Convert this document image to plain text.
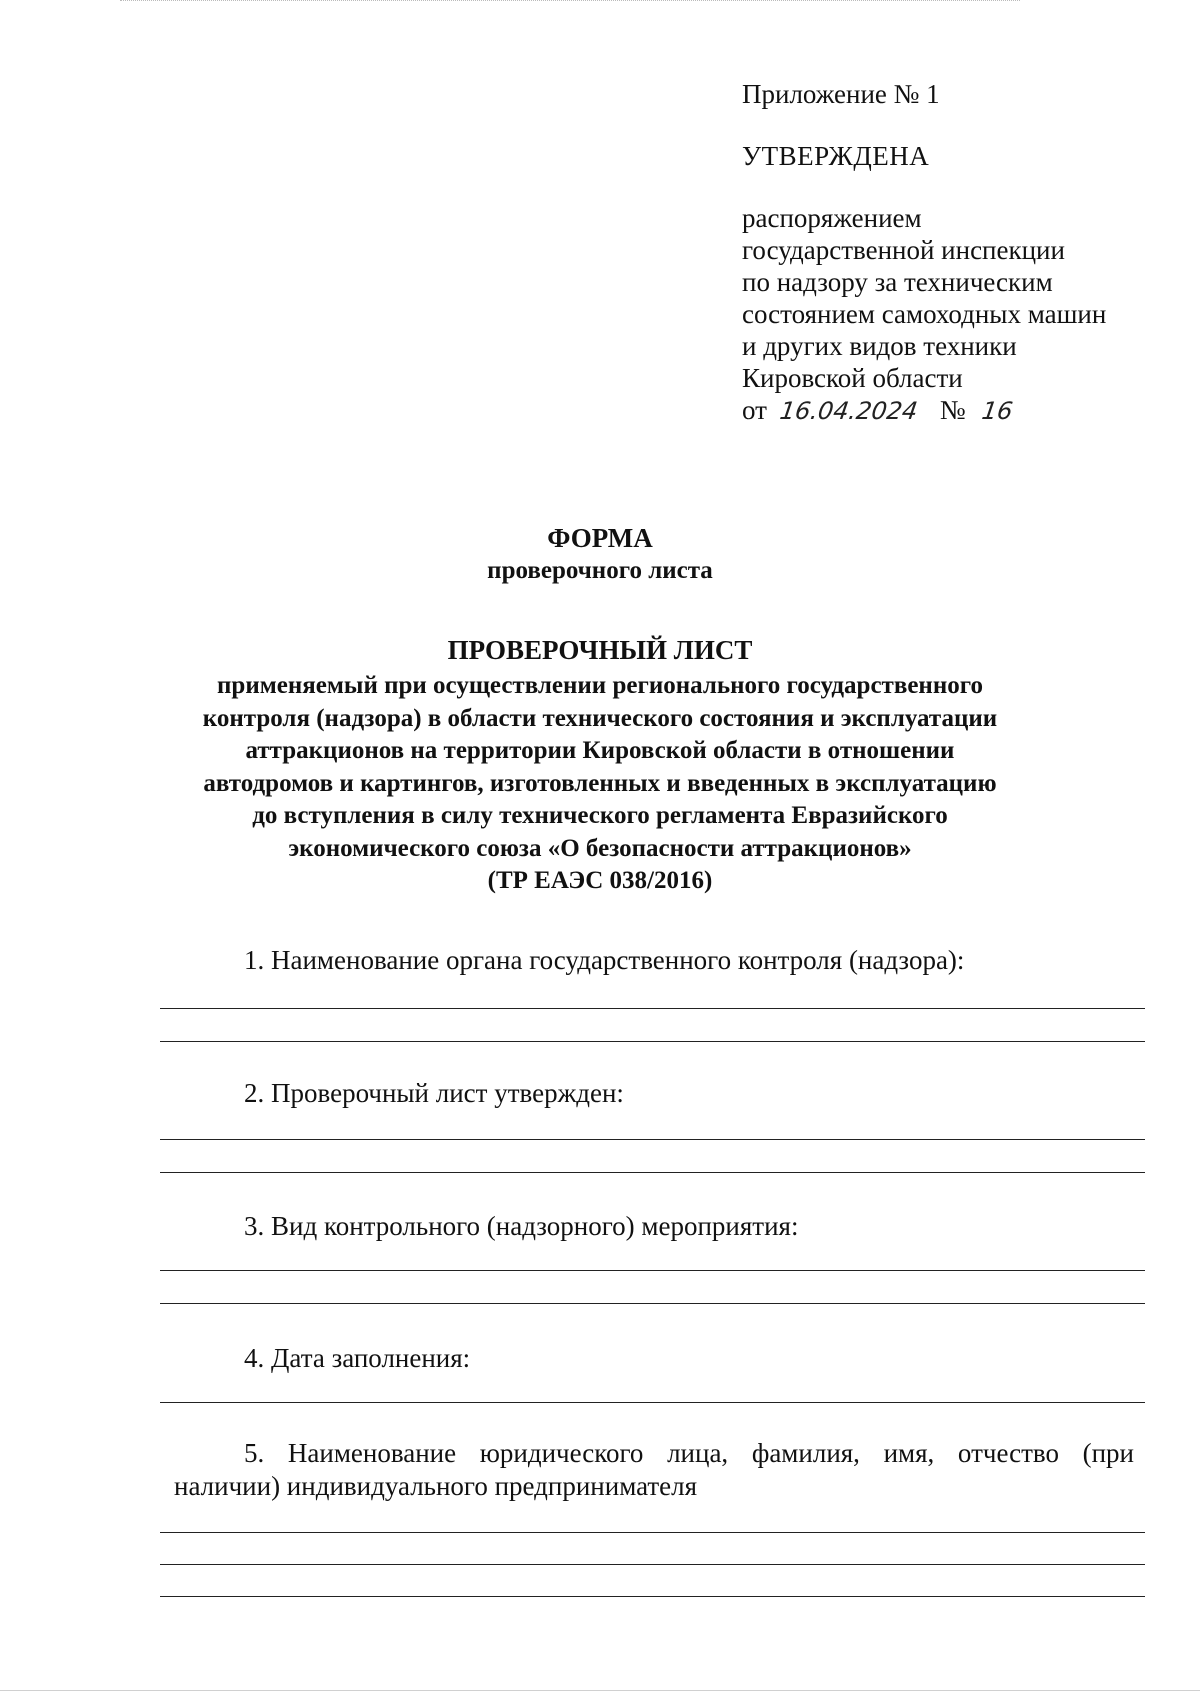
Приложение № 1
УТВЕРЖДЕНА
распоряжением
государственной инспекции
по надзору за техническим
состоянием самоходных машин
и других видов техники
Кировской области
от 16.04.2024 № 16
ФОРМА
проверочного листа
ПРОВЕРОЧНЫЙ ЛИСТ
применяемый при осуществлении регионального государственного
контроля (надзора) в области технического состояния и эксплуатации
аттракционов на территории Кировской области в отношении
автодромов и картингов, изготовленных и введенных в эксплуатацию
до вступления в силу технического регламента Евразийского
экономического союза «О безопасности аттракционов»
(ТР ЕАЭС 038/2016)
1. Наименование органа государственного контроля (надзора):
2. Проверочный лист утвержден:
3. Вид контрольного (надзорного) мероприятия:
4. Дата заполнения:
5. Наименование юридического лица, фамилия, имя, отчество (при
наличии) индивидуального предпринимателя
